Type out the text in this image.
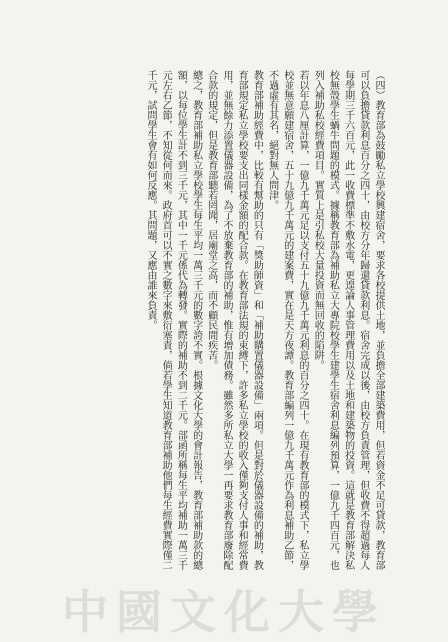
（四）教育部為鼓勵私立學校興建宿舍，要求各校提供土地，並負擔全部建築費用，但若資金不足可貸款，教育部可以負擔貸款利息百分之四十，由校方分年歸還貸款利息。宿舍完成以後，由校方負責管理，但收費不得超過每人每學期三千六百元，此一收費標準不敷水電，更遑論人事管理費用以及土地和建築物的投資。這就是教育部解決私校無殼學生蝸牛問題的模式。據稱教育部為補助私立大專院校學生建學生宿舍利息編列預算，一億九千四百元，也列入補助私校經費項目。實質上是引私校大量投資而無回收的陷阱。

若以年息八厘計算，一億九千萬元足以支付五十九億九千萬元利息的百分之四十。在現有教育部的模式下，私立學校並無意願建宿舍，五十九億九千萬元的建案費，實在是天方夜譚。教育部編列一億九千萬元作為利息補助乙節，不過虛有其名，絕對無人問津。

教育部補助經費中，比較有幫助的只有「獎助師資」和「補助購置儀器設備」兩項。但是對於儀器設備的補助，教育部規定私立學校要支出同樣金額的配合款。在教育部法規的束縛下，許多私立學校的收入僅夠支付人事和經常費用，並無餘力添置儀器設備，為了不放棄教育部的補助，惟有增加債務。雖然多所私立大學一再要求教育部廢除配合款的規定，但是教育部聽若罔聞，居廟堂之高，而不顧民間疾苦。

總之，教育部補助私立學校學生每生平均一萬三千元的數字誇不實。根據文化大學的會計報告，教育部補助款的總額，以每位學生計不到三千元，其中一千元係代為轉發。實際的補助不到二千元。部函所稱每生平均補助一萬三千元左右乙節，不知從何而來。政府首可以不實之數字來敷衍塞責，倘若學生知道教育部補助他們每生經費實際僅二千元，試問學生會有如何反應。其問題，又應由誰來負責。

中國文化大學
